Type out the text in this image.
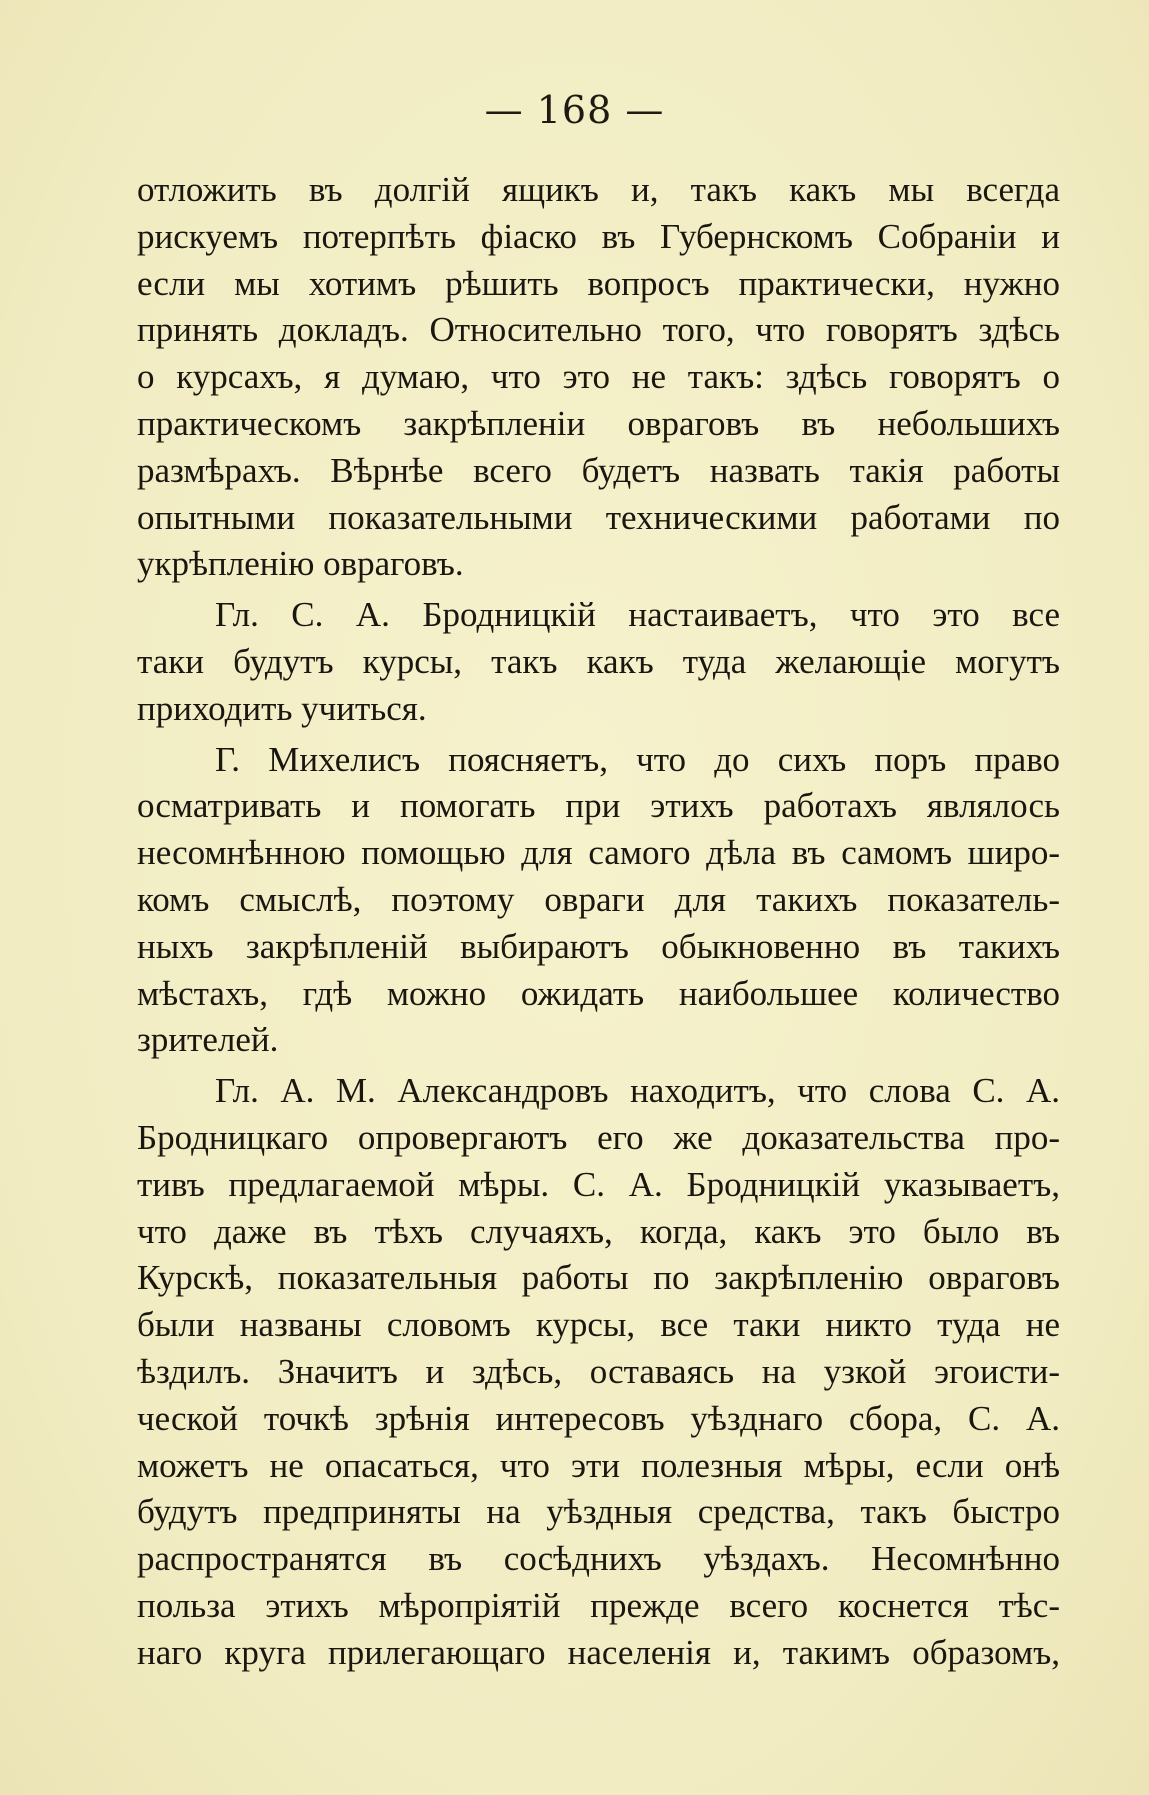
— 168 —
отложить въ долгій ящикъ и, такъ какъ мы всегда
рискуемъ потерпѣть фіаско въ Губернскомъ Собраніи и
если мы хотимъ рѣшить вопросъ практически, нужно
принять докладъ. Относительно того, что говорятъ здѣсь
о курсахъ, я думаю, что это не такъ: здѣсь говорятъ о
практическомъ закрѣпленіи овраговъ въ небольшихъ
размѣрахъ. Вѣрнѣе всего будетъ назвать такія работы
опытными показательными техническими работами по
укрѣпленію овраговъ.
Гл. С. А. Бродницкій настаиваетъ, что это все
таки будутъ курсы, такъ какъ туда желающіе могутъ
приходить учиться.
Г. Михелисъ поясняетъ, что до сихъ поръ право
осматривать и помогать при этихъ работахъ являлось
несомнѣнною помощью для самого дѣла въ самомъ широ-
комъ смыслѣ, поэтому овраги для такихъ показатель-
ныхъ закрѣпленій выбираютъ обыкновенно въ такихъ
мѣстахъ, гдѣ можно ожидать наибольшее количество
зрителей.
Гл. А. М. Александровъ находитъ, что слова С. А.
Бродницкаго опровергаютъ его же доказательства про-
тивъ предлагаемой мѣры. С. А. Бродницкій указываетъ,
что даже въ тѣхъ случаяхъ, когда, какъ это было въ
Курскѣ, показательныя работы по закрѣпленію овраговъ
были названы словомъ курсы, все таки никто туда не
ѣздилъ. Значитъ и здѣсь, оставаясь на узкой эгоисти-
ческой точкѣ зрѣнія интересовъ уѣзднаго сбора, С. А.
можетъ не опасаться, что эти полезныя мѣры, если онѣ
будутъ предприняты на уѣздныя средства, такъ быстро
распространятся въ сосѣднихъ уѣздахъ. Несомнѣнно
польза этихъ мѣропріятій прежде всего коснется тѣс-
наго круга прилегающаго населенія и, такимъ образомъ,
